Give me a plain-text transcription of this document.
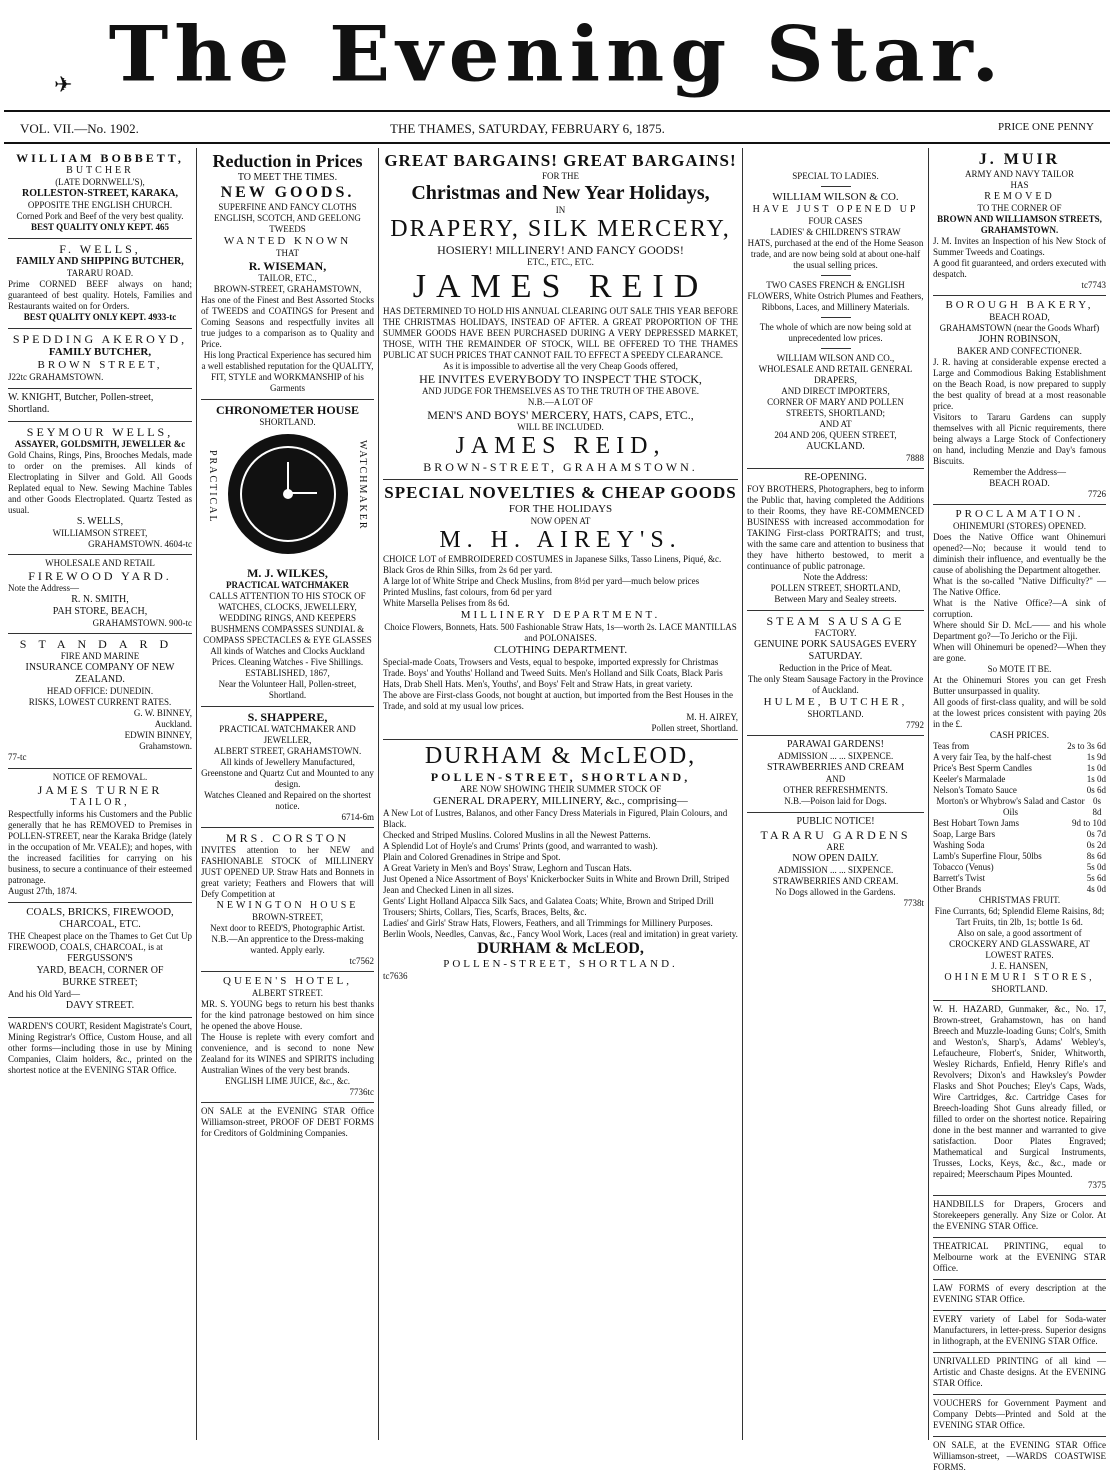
✈ The Evening Star.
VOL. VII.—No. 1902.	THE THAMES, SATURDAY, FEBRUARY 6, 1875.	PRICE ONE PENNY
WILLIAM BOBBETT,
BUTCHER
(LATE DORNWELL'S),
ROLLESTON-STREET, KARAKA,
OPPOSITE THE ENGLISH CHURCH.
Corned Pork and Beef of the very best quality.
BEST QUALITY ONLY KEPT. 465
F. WELLS,
FAMILY AND SHIPPING BUTCHER,
TARARU ROAD.
Prime CORNED BEEF always on hand; guaranteed of best quality. Hotels, Families and Restaurants waited on for Orders.
BEST QUALITY ONLY KEPT. 4933-tc
SPEDDING AKEROYD,
FAMILY BUTCHER,
BROWN STREET,
J22tc GRAHAMSTOWN.
W. KNIGHT, Butcher, Pollen-street, Shortland.
SEYMOUR WELLS,
ASSAYER, GOLDSMITH, JEWELLER &c
Gold Chains, Rings, Pins, Brooches Medals, made to order on the premises. All kinds of Electroplating in Silver and Gold. All Goods Replated equal to New. Sewing Machine Tables and other Goods Electroplated. Quartz Tested as usual.
S. WELLS,
WILLIAMSON STREET,
GRAHAMSTOWN. 4604-tc
WHOLESALE AND RETAIL
FIREWOOD YARD.
Note the Address—
R. N. SMITH,
PAH STORE, BEACH,
GRAHAMSTOWN. 900-tc
STANDARD
FIRE AND MARINE
INSURANCE COMPANY OF NEW ZEALAND.
HEAD OFFICE: DUNEDIN.
RISKS, LOWEST CURRENT RATES.
G. W. BINNEY,
Auckland.
EDWIN BINNEY,
Grahamstown.
77-tc
NOTICE OF REMOVAL.
JAMES TURNER
TAILOR,
Respectfully informs his Customers and the Public generally that he has REMOVED to Premises in POLLEN-STREET, near the Karaka Bridge (lately in the occupation of Mr. VEALE); and hopes, with the increased facilities for carrying on his business, to secure a continuance of their esteemed patronage.
August 27th, 1874.
COALS, BRICKS, FIREWOOD,
CHARCOAL, ETC.
THE Cheapest place on the Thames to Get Cut Up FIREWOOD, COALS, CHARCOAL, is at
FERGUSSON'S
YARD, BEACH, CORNER OF
BURKE STREET;
And his Old Yard—
DAVY STREET.
WARDEN'S COURT, Resident Magistrate's Court, Mining Registrar's Office, Custom House, and all other forms—including those in use by Mining Companies, Claim holders, &c., printed on the shortest notice at the EVENING STAR Office.
Reduction in Prices
TO MEET THE TIMES.
NEW GOODS.
SUPERFINE AND FANCY CLOTHS
ENGLISH, SCOTCH, AND GEELONG TWEEDS
WANTED KNOWN
THAT
R. WISEMAN,
TAILOR, ETC.,
BROWN-STREET, GRAHAMSTOWN,
Has one of the Finest and Best Assorted Stocks of TWEEDS and COATINGS for Present and Coming Seasons and respectfully invites all true judges to a comparison as to Quality and Price.
His long Practical Experience has secured him a well established reputation for the QUALITY, FIT, STYLE and WORKMANSHIP of his Garments
CHRONOMETER HOUSE
SHORTLAND.
PRACTICAL	WATCHMAKER
M. J. WILKES,
PRACTICAL WATCHMAKER
CALLS ATTENTION TO HIS STOCK OF WATCHES, CLOCKS, JEWELLERY, WEDDING RINGS, AND KEEPERS
BUSHMENS COMPASSES SUNDIAL & COMPASS SPECTACLES & EYE GLASSES
All kinds of Watches and Clocks Auckland Prices. Cleaning Watches - Five Shillings.
ESTABLISHED, 1867,
Near the Volunteer Hall, Pollen-street, Shortland.
S. SHAPPERE,
PRACTICAL WATCHMAKER AND
JEWELLER,
ALBERT STREET, GRAHAMSTOWN.
All kinds of Jewellery Manufactured, Greenstone and Quartz Cut and Mounted to any design.
Watches Cleaned and Repaired on the shortest notice.
6714-6m
MRS. CORSTON
INVITES attention to her NEW and FASHIONABLE STOCK of MILLINERY JUST OPENED UP. Straw Hats and Bonnets in great variety; Feathers and Flowers that will Defy Competition at
NEWINGTON HOUSE
BROWN-STREET,
Next door to REED'S, Photographic Artist.
N.B.—An apprentice to the Dress-making wanted. Apply early.
tc7562
QUEEN'S HOTEL,
ALBERT STREET.
MR. S. YOUNG begs to return his best thanks for the kind patronage bestowed on him since he opened the above House.
The House is replete with every comfort and convenience, and is second to none New Zealand for its WINES and SPIRITS including Australian Wines of the very best brands.
ENGLISH LIME JUICE, &c., &c.
7736tc
ON SALE at the EVENING STAR Office Williamson-street, PROOF OF DEBT FORMS for Creditors of Goldmining Companies.
GREAT BARGAINS! GREAT BARGAINS!
FOR THE
Christmas and New Year Holidays,
IN
DRAPERY, SILK MERCERY,
HOSIERY! MILLINERY! AND FANCY GOODS!
ETC., ETC., ETC.
JAMES REID
HAS DETERMINED TO HOLD HIS ANNUAL CLEARING OUT SALE THIS YEAR BEFORE THE CHRISTMAS HOLIDAYS, INSTEAD OF AFTER. A GREAT PROPORTION OF THE SUMMER GOODS HAVE BEEN PURCHASED DURING A VERY DEPRESSED MARKET, THOSE, WITH THE REMAINDER OF STOCK, WILL BE OFFERED TO THE THAMES PUBLIC AT SUCH PRICES THAT CANNOT FAIL TO EFFECT A SPEEDY CLEARANCE.
As it is impossible to advertise all the very Cheap Goods offered,
HE INVITES EVERYBODY TO INSPECT THE STOCK,
AND JUDGE FOR THEMSELVES AS TO THE TRUTH OF THE ABOVE.
N.B.—A LOT OF
MEN'S AND BOYS' MERCERY, HATS, CAPS, ETC.,
WILL BE INCLUDED.
JAMES REID,
BROWN-STREET, GRAHAMSTOWN.
SPECIAL NOVELTIES & CHEAP GOODS
FOR THE HOLIDAYS
NOW OPEN AT
M. H. AIREY'S.
CHOICE LOT of EMBROIDERED COSTUMES in Japanese Silks, Tasso Linens, Piqué, &c. Black Gros de Rhin Silks, from 2s 6d per yard.
A large lot of White Stripe and Check Muslins, from 8½d per yard—much below prices
Printed Muslins, fast colours, from 6d per yard
White Marsella Pelises from 8s 6d.
MILLINERY DEPARTMENT.
Choice Flowers, Bonnets, Hats. 500 Fashionable Straw Hats, 1s—worth 2s. LACE MANTILLAS and POLONAISES.
CLOTHING DEPARTMENT.
Special-made Coats, Trowsers and Vests, equal to bespoke, imported expressly for Christmas Trade. Boys' and Youths' Holland and Tweed Suits. Men's Holland and Silk Coats, Black Paris Hats, Drab Shell Hats. Men's, Youths', and Boys' Felt and Straw Hats, in great variety.
The above are First-class Goods, not bought at auction, but imported from the Best Houses in the Trade, and sold at my usual low prices.
M. H. AIREY,
Pollen street, Shortland.
DURHAM & McLEOD,
POLLEN-STREET, SHORTLAND,
ARE NOW SHOWING THEIR SUMMER STOCK OF
GENERAL DRAPERY, MILLINERY, &c., comprising—
A New Lot of Lustres, Balanos, and other Fancy Dress Materials in Figured, Plain Colours, and Black.
Checked and Striped Muslins. Colored Muslins in all the Newest Patterns.
A Splendid Lot of Hoyle's and Crums' Prints (good, and warranted to wash).
Plain and Colored Grenadines in Stripe and Spot.
A Great Variety in Men's and Boys' Straw, Leghorn and Tuscan Hats.
Just Opened a Nice Assortment of Boys' Knickerbocker Suits in White and Brown Drill, Striped Jean and Checked Linen in all sizes.
Gents' Light Holland Alpacca Silk Sacs, and Galatea Coats; White, Brown and Striped Drill Trousers; Shirts, Collars, Ties, Scarfs, Braces, Belts, &c.
Ladies' and Girls' Straw Hats, Flowers, Feathers, and all Trimmings for Millinery Purposes.
Berlin Wools, Needles, Canvas, &c., Fancy Wool Work, Laces (real and imitation) in great variety.
DURHAM & McLEOD,
POLLEN-STREET, SHORTLAND.
tc7636
SPECIAL TO LADIES.
WILLIAM WILSON & CO.
HAVE JUST OPENED UP
FOUR CASES
LADIES' & CHILDREN'S STRAW
HATS, purchased at the end of the Home Season trade, and are now being sold at about one-half the usual selling prices.
TWO CASES FRENCH & ENGLISH FLOWERS, White Ostrich Plumes and Feathers, Ribbons, Laces, and Millinery Materials.
The whole of which are now being sold at unprecedented low prices.
WILLIAM WILSON AND CO.,
WHOLESALE AND RETAIL GENERAL DRAPERS,
AND DIRECT IMPORTERS,
CORNER OF MARY AND POLLEN STREETS, SHORTLAND;
AND AT
204 AND 206, QUEEN STREET,
AUCKLAND.
7888
RE-OPENING.
FOY BROTHERS, Photographers, beg to inform the Public that, having completed the Additions to their Rooms, they have RE-COMMENCED BUSINESS with increased accommodation for TAKING First-class PORTRAITS; and trust, with the same care and attention to business that they have hitherto bestowed, to merit a continuance of public patronage.
Note the Address:
POLLEN STREET, SHORTLAND,
Between Mary and Sealey streets.
STEAM SAUSAGE
FACTORY.
GENUINE PORK SAUSAGES EVERY SATURDAY.
Reduction in the Price of Meat.
The only Steam Sausage Factory in the Province of Auckland.
HULME, BUTCHER,
SHORTLAND.
7792
PARAWAI GARDENS!
ADMISSION ... ... SIXPENCE.
STRAWBERRIES AND CREAM
AND
OTHER REFRESHMENTS.
N.B.—Poison laid for Dogs.
PUBLIC NOTICE!
TARARU GARDENS
ARE
NOW OPEN DAILY.
ADMISSION ... ... SIXPENCE.
STRAWBERRIES AND CREAM.
No Dogs allowed in the Gardens.
7738t
J. MUIR
ARMY AND NAVY TAILOR
HAS
REMOVED
TO THE CORNER OF
BROWN AND WILLIAMSON STREETS, GRAHAMSTOWN.
J. M. Invites an Inspection of his New Stock of Summer Tweeds and Coatings.
A good fit guaranteed, and orders executed with despatch.
tc7743
BOROUGH BAKERY,
BEACH ROAD,
GRAHAMSTOWN (near the Goods Wharf)
JOHN ROBINSON,
BAKER AND CONFECTIONER.
J. R. having at considerable expense erected a Large and Commodious Baking Establishment on the Beach Road, is now prepared to supply the best quality of bread at a most reasonable price.
Visitors to Tararu Gardens can supply themselves with all Picnic requirements, there being always a Large Stock of Confectionery on hand, including Menzie and Day's famous Biscuits.
Remember the Address—
BEACH ROAD.
7726
PROCLAMATION.
OHINEMURI (STORES) OPENED.
Does the Native Office want Ohinemuri opened?—No; because it would tend to diminish their influence, and eventually be the cause of abolishing the Department altogether.
What is the so-called "Native Difficulty?" —The Native Office.
What is the Native Office?—A sink of corruption.
Where should Sir D. McL—— and his whole Department go?—To Jericho or the Fiji.
When will Ohinemuri be opened?—When they are gone.
So MOTE IT BE.
At the Ohinemuri Stores you can get Fresh Butter unsurpassed in quality.
All goods of first-class quality, and will be sold at the lowest prices consistent with paying 20s in the £.
CASH PRICES.
Teas from	2s to 3s 6d
A very fair Tea, by the half-chest	1s 9d
Price's Best Sperm Candles	1s 0d
Keeler's Marmalade	1s 0d
Nelson's Tomato Sauce	0s 6d
Morton's or Whybrow's Salad and Castor Oils
0s 8d
Best Hobart Town Jams	9d to 10d
Soap, Large Bars	0s 7d
Washing Soda	0s 2d
Lamb's Superfine Flour, 50lbs	8s 6d
Tobacco (Venus)	5s 0d
Barrett's Twist	5s 6d
Other Brands	4s 0d
CHRISTMAS FRUIT.
Fine Currants, 6d; Splendid Eleme Raisins, 8d; Tart Fruits, tin 2lb, 1s; bottle 1s 6d.
Also on sale, a good assortment of
CROCKERY AND GLASSWARE, AT LOWEST RATES.
J. E. HANSEN,
OHINEMURI STORES,
SHORTLAND.
W. H. HAZARD, Gunmaker, &c., No. 17, Brown-street, Grahamstown, has on hand Breech and Muzzle-loading Guns; Colt's, Smith and Weston's, Sharp's, Adams' Webley's, Lefaucheure, Flobert's, Snider, Whitworth, Wesley Richards, Enfield, Henry Rifle's and Revolvers; Dixon's and Hawksley's Powder Flasks and Shot Pouches; Eley's Caps, Wads, Wire Cartridges, &c. Cartridge Cases for Breech-loading Shot Guns already filled, or filled to order on the shortest notice. Repairing done in the best manner and warranted to give satisfaction. Door Plates Engraved; Mathematical and Surgical Instruments, Trusses, Locks, Keys, &c., &c., made or repaired; Meerschaum Pipes Mounted.
7375
HANDBILLS for Drapers, Grocers and Storekeepers generally. Any Size or Color. At the EVENING STAR Office.
THEATRICAL PRINTING, equal to Melbourne work at the EVENING STAR Office.
LAW FORMS of every description at the EVENING STAR Office.
EVERY variety of Label for Soda-water Manufacturers, in letter-press. Superior designs in lithograph, at the EVENING STAR Office.
UNRIVALLED PRINTING of all kind —Artistic and Chaste designs. At the EVENING STAR Office.
VOUCHERS for Government Payment and Company Debts—Printed and Sold at the EVENING STAR Office.
ON SALE, at the EVENING STAR Office Williamson-street, —WARDS COASTWISE FORMS.
